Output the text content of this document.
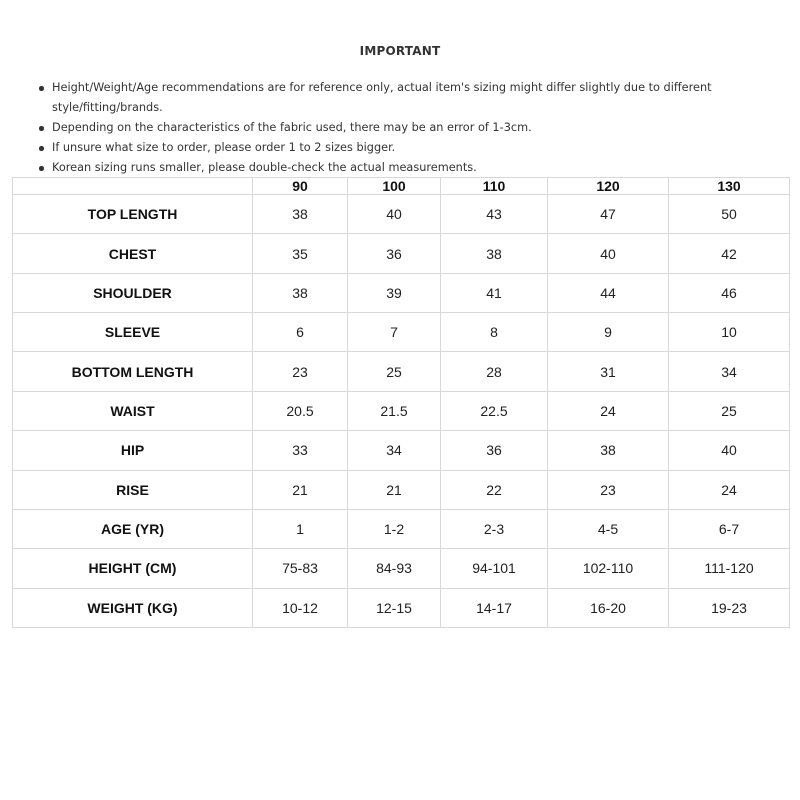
IMPORTANT
Height/Weight/Age recommendations are for reference only, actual item's sizing might differ slightly due to different style/fitting/brands.
Depending on the characteristics of the fabric used, there may be an error of 1-3cm.
If unsure what size to order, please order 1 to 2 sizes bigger.
Korean sizing runs smaller, please double-check the actual measurements.
	90	100	110	120	130
TOP LENGTH	38	40	43	47	50
CHEST	35	36	38	40	42
SHOULDER	38	39	41	44	46
SLEEVE	6	7	8	9	10
BOTTOM LENGTH	23	25	28	31	34
WAIST	20.5	21.5	22.5	24	25
HIP	33	34	36	38	40
RISE	21	21	22	23	24
AGE (YR)	1	1-2	2-3	4-5	6-7
HEIGHT (CM)	75-83	84-93	94-101	102-110	111-120
WEIGHT (KG)	10-12	12-15	14-17	16-20	19-23
